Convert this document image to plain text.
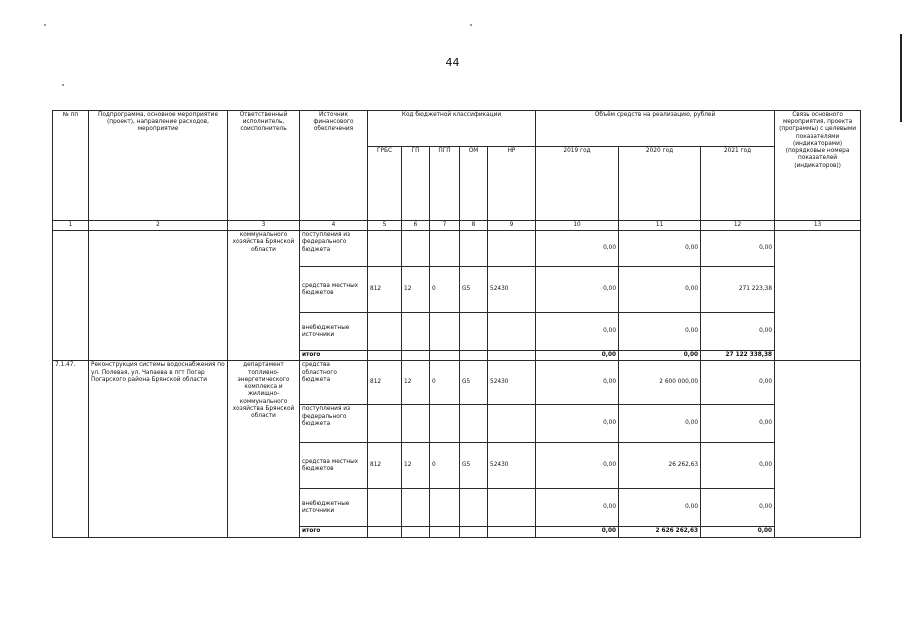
44
№ пп	Подпрограмма, основное мероприятие (проект), направление расходов, мероприятие	Ответственный исполнитель, соисполнитель	Источник финансового обеспечения	Код бюджетной классификации					Объём средств на реализацию, рублей			Связь основного мероприятия, проекта (программы) с целевыми показателями (индикаторами) (порядковые номера показателей (индикаторов))
				ГРБС	ГП	ПГП	ОМ	НР	2019 год	2020 год	2021 год	
1	2	3	4	5	6	7	8	9	10	11	12	13
		коммунального хозяйства Брянской области	поступления из федерального бюджета						0,00	0,00	0,00	
			средства местных бюджетов	812	12	0	G5	52430	0,00	0,00	271 223,38	
			внебюджетные источники						0,00	0,00	0,00	
			итого						0,00	0,00	27 122 338,38	
7.1.47.	Реконструкция системы водоснабжения по ул. Полевая, ул. Чапаева в пгт Погар Погарского района Брянской области	департамент топливно-энергетического комплекса и жилищно-коммунального хозяйства Брянской области	средства областного бюджета	812	12	0	G5	52430	0,00	2 600 000,00	0,00	
			поступления из федерального бюджета						0,00	0,00	0,00	
			средства местных бюджетов	812	12	0	G5	52430	0,00	26 262,63	0,00	
			внебюджетные источники						0,00	0,00	0,00	
			итого						0,00	2 626 262,63	0,00	
